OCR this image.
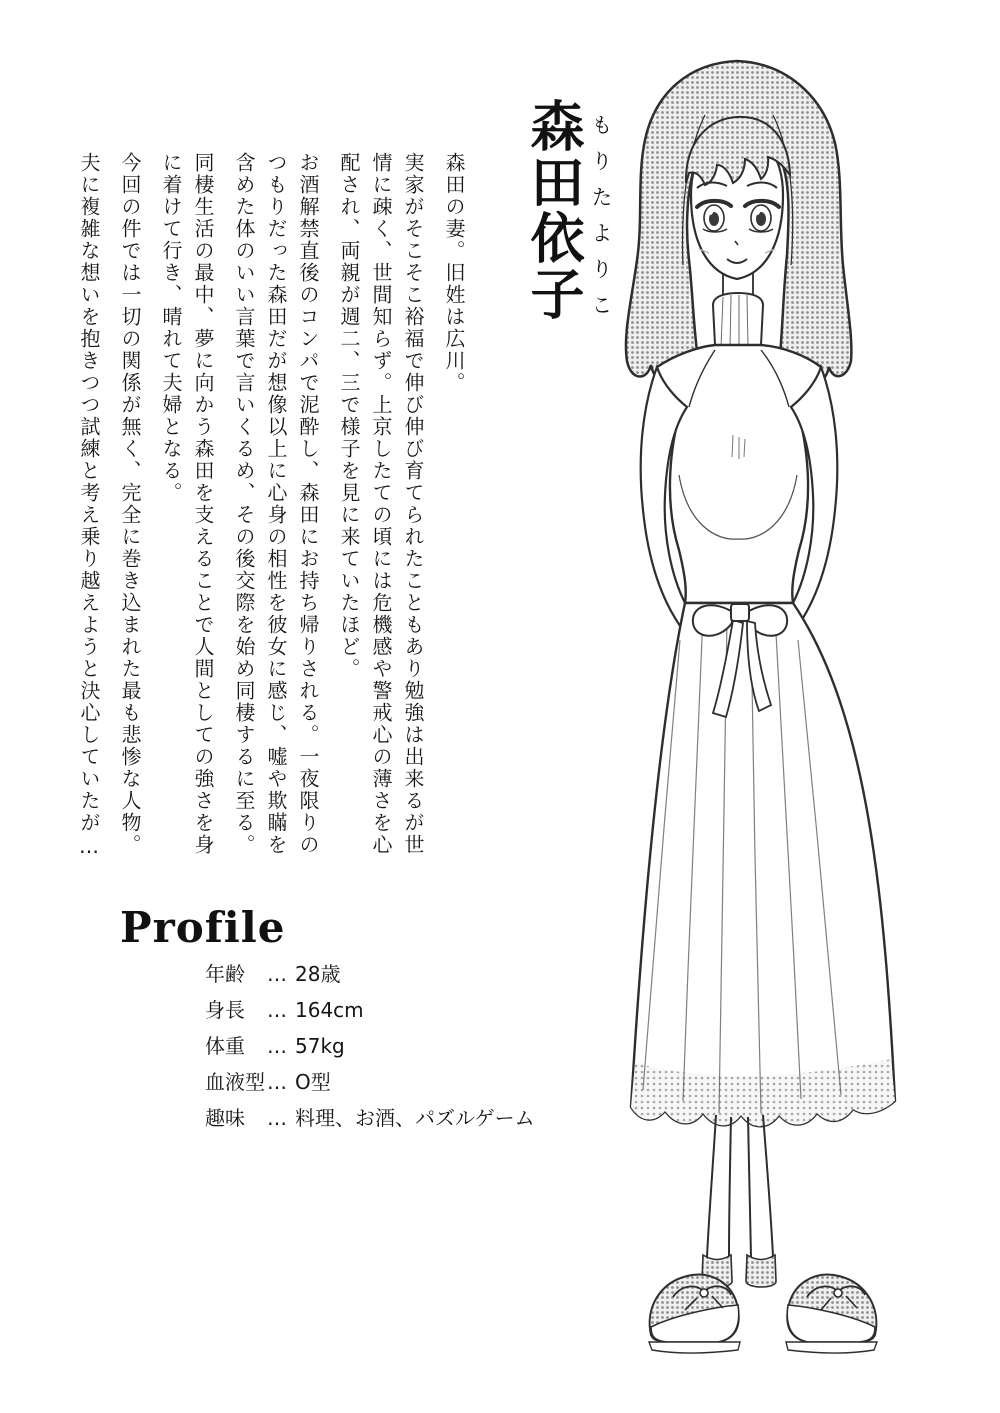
森田依子 もりたよりこ

森田の妻。旧姓は広川。

実家がそこそこ裕福で伸び伸び育てられたこともあり勉強は出来るが世情に疎く、世間知らず。上京したての頃には危機感や警戒心の薄さを心配され、両親が週二、三で様子を見に来ていたほど。

お酒解禁直後のコンパで泥酔し、森田にお持ち帰りされる。一夜限りのつもりだった森田だが想像以上に心身の相性を彼女に感じ、嘘や欺瞞を含めた体のいい言葉で言いくるめ、その後交際を始め同棲するに至る。

同棲生活の最中、夢に向かう森田を支えることで人間としての強さを身に着けて行き、晴れて夫婦となる。

今回の件では一切の関係が無く、完全に巻き込まれた最も悲惨な人物。

夫に複雑な想いを抱きつつ試練と考え乗り越えようと決心していたが…

Profile
年齢	… 28歳
身長	… 164cm
体重	… 57kg
血液型 … O型
趣味	… 料理、お酒、パズルゲーム
